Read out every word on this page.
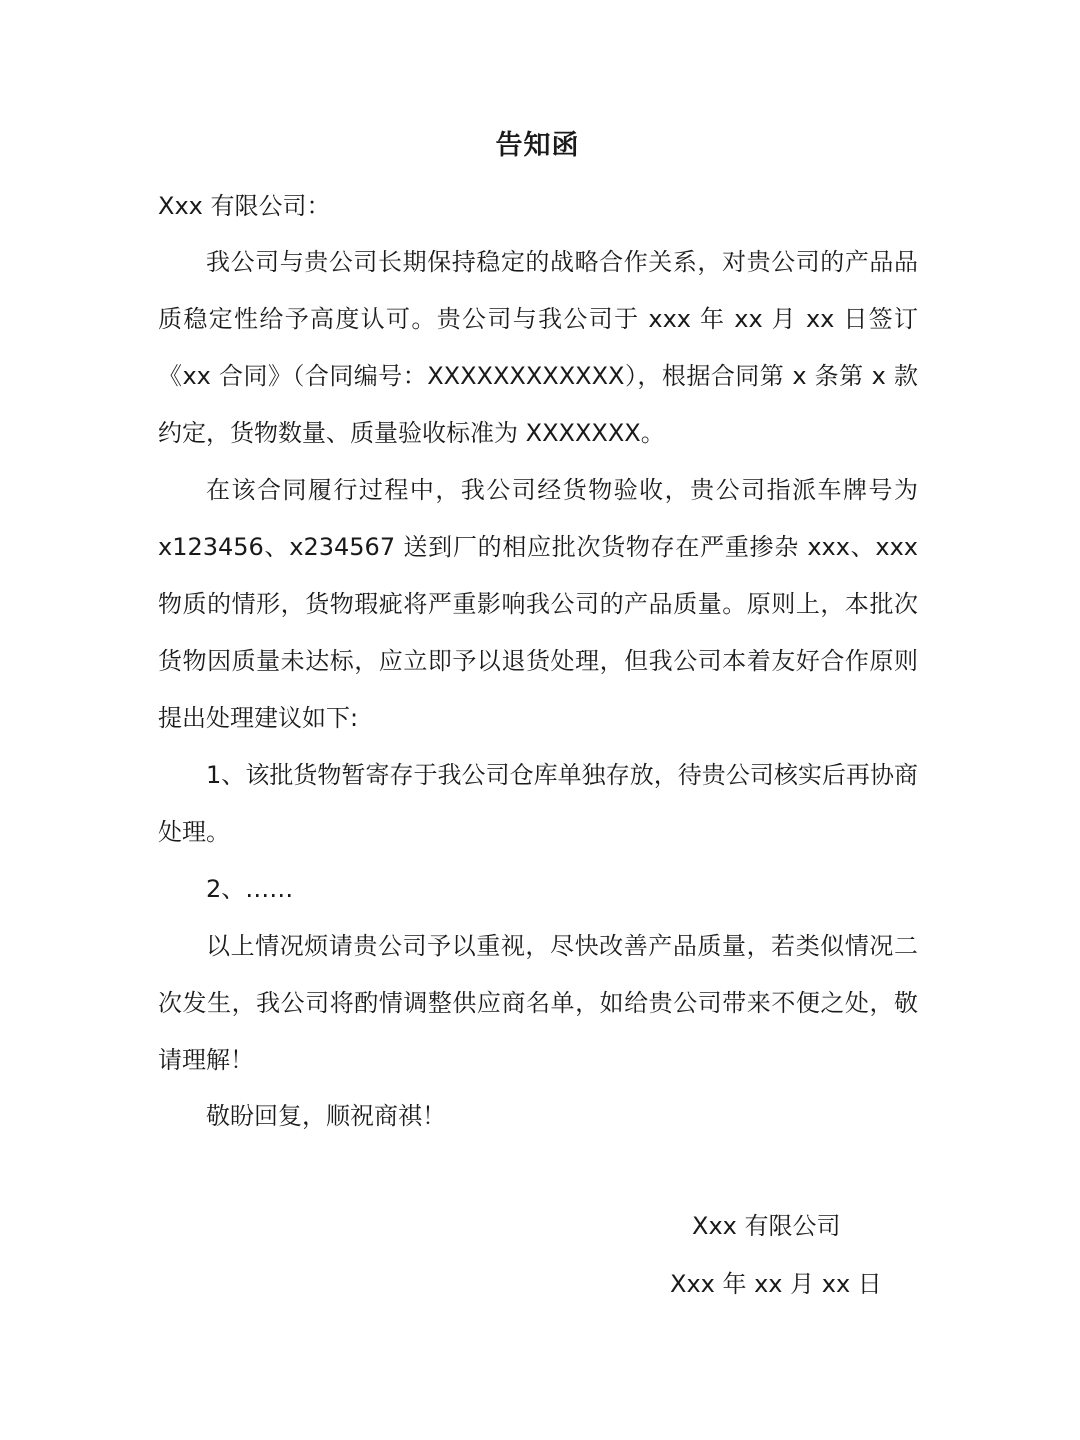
告知函

Xxx 有限公司：

我公司与贵公司长期保持稳定的战略合作关系，对贵公司的产品品质稳定性给予高度认可。贵公司与我公司于 xxx 年 xx 月 xx 日签订《xx 合同》（合同编号：XXXXXXXXXXXX），根据合同第 x 条第 x 款约定，货物数量、质量验收标准为 XXXXXXX。

在该合同履行过程中，我公司经货物验收，贵公司指派车牌号为 x123456、x234567 送到厂的相应批次货物存在严重掺杂 xxx、xxx 物质的情形，货物瑕疵将严重影响我公司的产品质量。原则上，本批次货物因质量未达标，应立即予以退货处理，但我公司本着友好合作原则提出处理建议如下:

1、该批货物暂寄存于我公司仓库单独存放，待贵公司核实后再协商处理。

2、……

以上情况烦请贵公司予以重视，尽快改善产品质量，若类似情况二次发生，我公司将酌情调整供应商名单，如给贵公司带来不便之处，敬请理解！

敬盼回复，顺祝商祺！

Xxx 有限公司

Xxx 年 xx 月 xx 日
